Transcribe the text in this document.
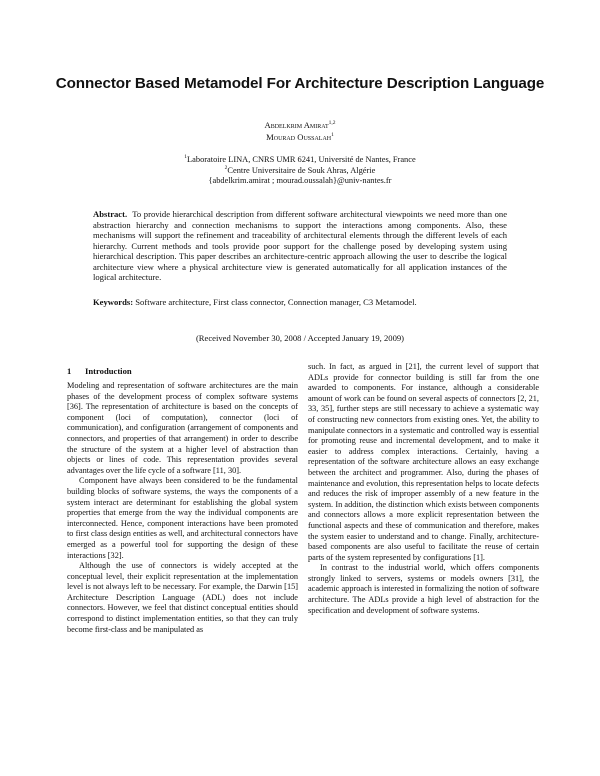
Connector Based Metamodel For Architecture Description Language
Abdelkrim Amirat$^{1,2}$
Mourad Oussalah$^1$
$^1$Laboratoire LINA, CNRS UMR 6241, Université de Nantes, France
$^2$Centre Universitaire de Souk Ahras, Algérie
{abdelkrim.amirat ; mourad.oussalah}@univ-nantes.fr
Abstract. To provide hierarchical description from different software architectural viewpoints we need more than one abstraction hierarchy and connection mechanisms to support the interactions among components. Also, these mechanisms will support the refinement and traceability of architectural elements through the different levels of each hierarchy. Current methods and tools provide poor support for the challenge posed by developing system using hierarchical description. This paper describes an architecture-centric approach allowing the user to describe the logical architecture view where a physical architecture view is generated automatically for all application instances of the logical architecture.
Keywords: Software architecture, First class connector, Connection manager, C3 Metamodel.
(Received November 30, 2008 / Accepted January 19, 2009)
1 Introduction

Modeling and representation of software architectures are the main phases of the development process of complex software systems [36]. The representation of architecture is based on the concepts of component (loci of computation), connector (loci of communication), and configuration (arrangement of components and connectors, and properties of that arrangement) in order to describe the structure of the system at a higher level of abstraction than objects or lines of code. This representation provides several advantages over the life cycle of a software [11, 30].

Component have always been considered to be the fundamental building blocks of software systems, the ways the components of a system interact are determinant for establishing the global system properties that emerge from the way the individual components are interconnected. Hence, component interactions have been promoted to first class design entities as well, and architectural connectors have emerged as a powerful tool for supporting the design of these interactions [32].

Although the use of connectors is widely accepted at the conceptual level, their explicit representation at the implementation level is not always left to be necessary. For example, the Darwin [15] Architecture Description Language (ADL) does not include connectors. However, we feel that distinct conceptual entities should correspond to distinct implementation entities, so that they can truly become first-class and be manipulated as

such. In fact, as argued in [21], the current level of support that ADLs provide for connector building is still far from the one awarded to components. For instance, although a considerable amount of work can be found on several aspects of connectors [2, 21, 33, 35], further steps are still necessary to achieve a systematic way of constructing new connectors from existing ones. Yet, the ability to manipulate connectors in a systematic and controlled way is essential for promoting reuse and incremental development, and to make it easier to address complex interactions. Certainly, having a representation of the software architecture allows an easy exchange between the architect and programmer. Also, during the phases of maintenance and evolution, this representation helps to locate defects and reduces the risk of improper assembly of a new feature in the system. In addition, the distinction which exists between components and connectors allows a more explicit representation between the functional aspects and these of communication and therefore, makes the system easier to understand and to change. Finally, architecture-based components are also useful to facilitate the reuse of certain parts of the system represented by configurations [1].

In contrast to the industrial world, which offers components strongly linked to servers, systems or models owners [31], the academic approach is interested in formalizing the notion of software architecture. The ADLs provide a high level of abstraction for the specification and development of software systems.
